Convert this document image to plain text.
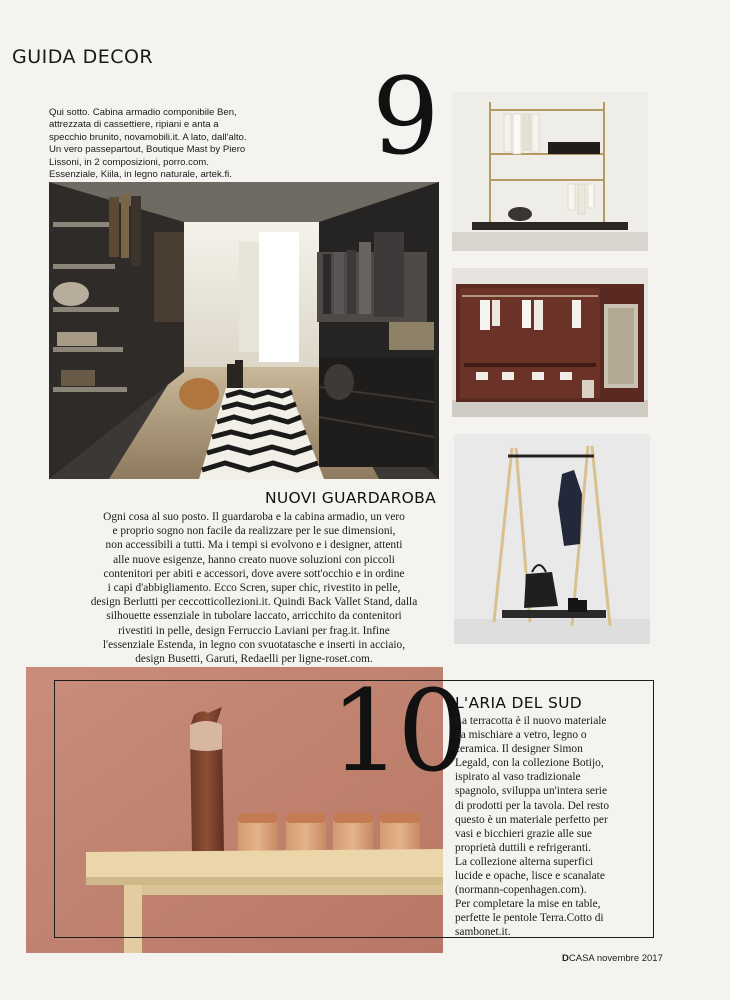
GUIDA DECOR
Qui sotto. Cabina armadio componibile Ben,
attrezzata di cassettiere, ripiani e anta a
specchio brunito, novamobili.it. A lato, dall'alto.
Un vero passepartout, Boutique Mast by Piero
Lissoni, in 2 composizioni, porro.com.
Essenziale, Kiila, in legno naturale, artek.fi.	9
NUOVI GUARDAROBA
Ogni cosa al suo posto. Il guardaroba e la cabina armadio, un vero
e proprio sogno non facile da realizzare per le sue dimensioni,
non accessibili a tutti. Ma i tempi si evolvono e i designer, attenti
alle nuove esigenze, hanno creato nuove soluzioni con piccoli
contenitori per abiti e accessori, dove avere sott'occhio e in ordine
i capi d'abbigliamento. Ecco Scren, super chic, rivestito in pelle,
design Berlutti per ceccotticollezioni.it. Quindi Back Vallet Stand, dalla
silhouette essenziale in tubolare laccato, arricchito da contenitori
rivestiti in pelle, design Ferruccio Laviani per frag.it. Infine
l'essenziale Estenda, in legno con svuotatasche e inserti in acciaio,
design Busetti, Garuti, Redaelli per ligne-roset.com.
10
L'ARIA DEL SUD
La terracotta è il nuovo materiale
da mischiare a vetro, legno o
ceramica. Il designer Simon
Legald, con la collezione Botijo,
ispirato al vaso tradizionale
spagnolo, sviluppa un'intera serie
di prodotti per la tavola. Del resto
questo è un materiale perfetto per
vasi e bicchieri grazie alle sue
proprietà duttili e refrigeranti.
La collezione alterna superfici
lucide e opache, lisce e scanalate
(normann-copenhagen.com).
Per completare la mise en table,
perfette le pentole Terra.Cotto di
sambonet.it.
DCASA novembre 2017
